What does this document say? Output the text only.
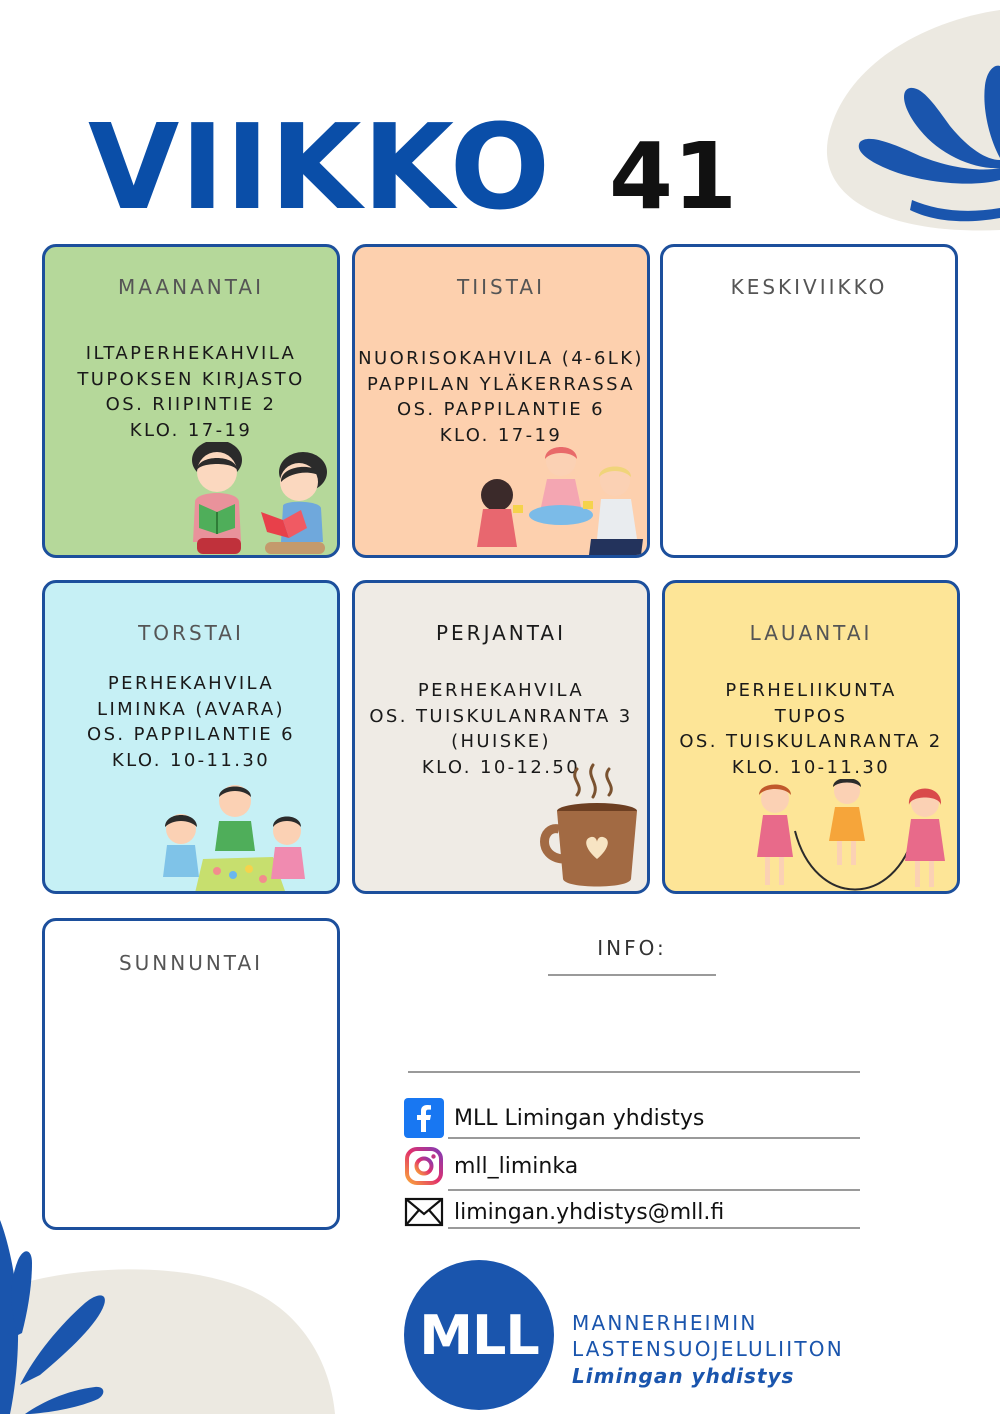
VIIKKO 41
MAANANTAI
ILTAPERHEKAHVILA
TUPOKSEN KIRJASTO
OS. RIIPINTIE 2
KLO. 17-19
TIISTAI
NUORISOKAHVILA (4-6LK)
PAPPILAN YLÄKERRASSA
OS. PAPPILANTIE 6
KLO. 17-19
KESKIVIIKKO
TORSTAI
PERHEKAHVILA
LIMINKA (AVARA)
OS. PAPPILANTIE 6
KLO. 10-11.30
PERJANTAI
PERHEKAHVILA
OS. TUISKULANRANTA 3
(HUISKE)
KLO. 10-12.50
LAUANTAI
PERHELIIKUNTA
TUPOS
OS. TUISKULANRANTA 2
KLO. 10-11.30
SUNNUNTAI
INFO:
MLL Limingan yhdistys
mll_liminka
limingan.yhdistys@mll.fi
MLL MANNERHEIMIN
LASTENSUOJELULIITON
Limingan yhdistys
